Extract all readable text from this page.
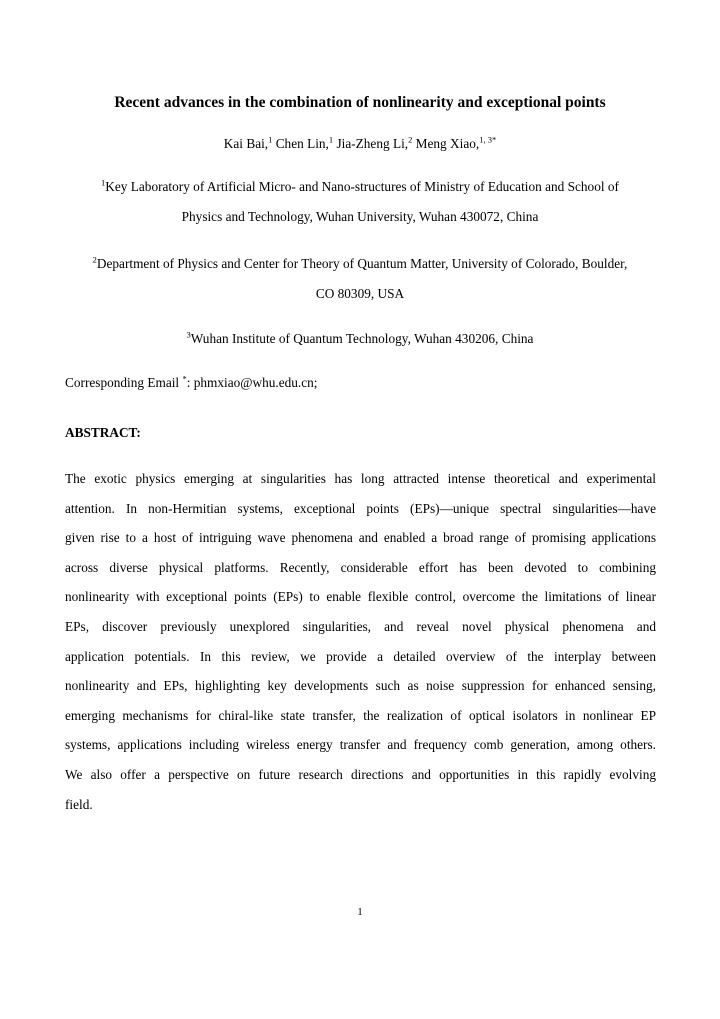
Recent advances in the combination of nonlinearity and exceptional points
Kai Bai,$^1$ Chen Lin,$^1$ Jia-Zheng Li,$^2$ Meng Xiao,$^{1, 3*}$
$^1$Key Laboratory of Artificial Micro- and Nano-structures of Ministry of Education and School of
Physics and Technology, Wuhan University, Wuhan 430072, China
$^2$Department of Physics and Center for Theory of Quantum Matter, University of Colorado, Boulder,
CO 80309, USA
$^3$Wuhan Institute of Quantum Technology, Wuhan 430206, China
Corresponding Email *: phmxiao@whu.edu.cn;
ABSTRACT:
The exotic physics emerging at singularities has long attracted intense theoretical and experimental
attention. In non-Hermitian systems, exceptional points (EPs)—unique spectral singularities—have
given rise to a host of intriguing wave phenomena and enabled a broad range of promising applications
across diverse physical platforms. Recently, considerable effort has been devoted to combining
nonlinearity with exceptional points (EPs) to enable flexible control, overcome the limitations of linear
EPs, discover previously unexplored singularities, and reveal novel physical phenomena and
application potentials. In this review, we provide a detailed overview of the interplay between
nonlinearity and EPs, highlighting key developments such as noise suppression for enhanced sensing,
emerging mechanisms for chiral-like state transfer, the realization of optical isolators in nonlinear EP
systems, applications including wireless energy transfer and frequency comb generation, among others.
We also offer a perspective on future research directions and opportunities in this rapidly evolving
field.
1
